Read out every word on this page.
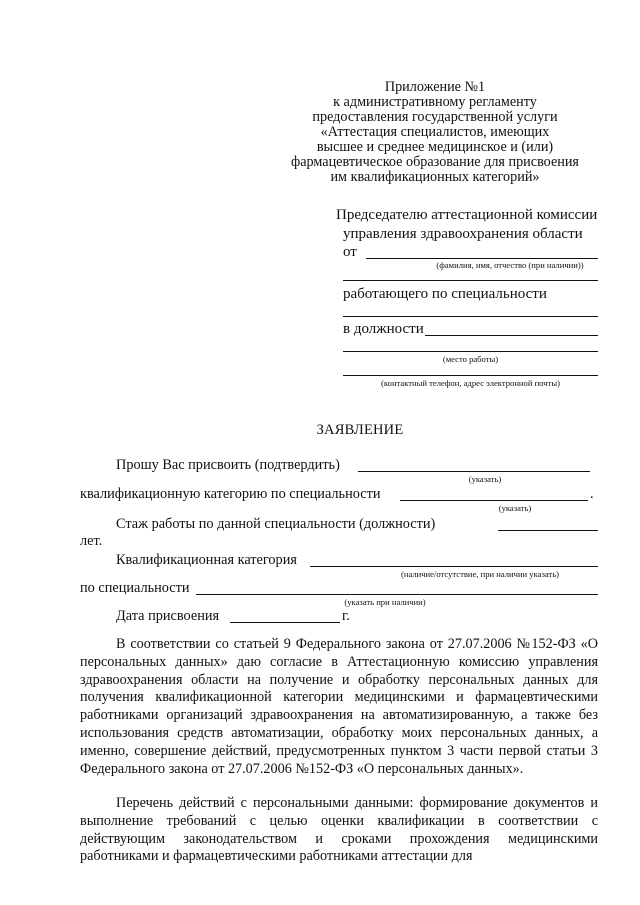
Приложение №1
к административному регламенту
предоставления государственной услуги
«Аттестация специалистов, имеющих
высшее и среднее медицинское и (или)
фармацевтическое образование для присвоения
им квалификационных категорий»
Председателю аттестационной комиссии
управления здравоохранения области
от
(фамилия, имя, отчество (при наличии))
работающего по специальности
в должности
(место работы)
(контактный телефон, адрес электронной почты)
ЗАЯВЛЕНИЕ
Прошу Вас присвоить (подтвердить)
(указать)
квалификационную категорию по специальности	.
(указать)
Стаж работы по данной специальности (должности)
лет.
Квалификационная категория
(наличие/отсутствие, при наличии указать)
по специальности
(указать при наличии)
Дата присвоения	г.
В соответствии со статьей 9 Федерального закона от 27.07.2006 №152-ФЗ «О персональных данных» даю согласие в Аттестационную комиссию управления здравоохранения области на получение и обработку персональных данных для получения квалификационной категории медицинскими и фармацевтическими работниками организаций здравоохранения на автоматизированную, а также без использования средств автоматизации, обработку моих персональных данных, а именно, совершение действий, предусмотренных пунктом 3 части первой статьи 3 Федерального закона от 27.07.2006 №152-ФЗ «О персональных данных».
Перечень действий с персональными данными: формирование документов и выполнение требований с целью оценки квалификации в соответствии с действующим законодательством и сроками прохождения медицинскими работниками и фармацевтическими работниками аттестации для
